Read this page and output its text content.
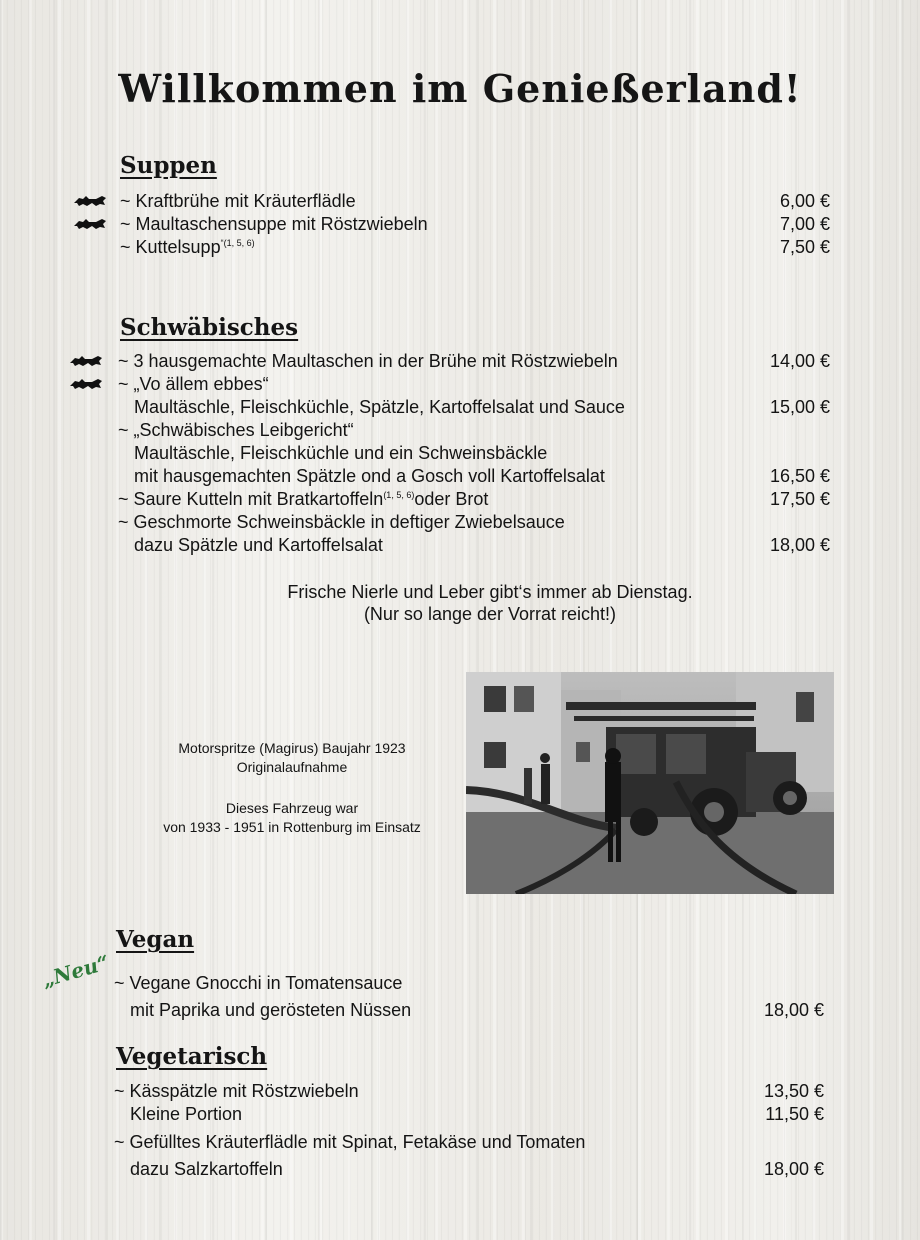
Willkommen im Genießerland!
Suppen
~ Kraftbrühe mit Kräuterflädle	6,00 €
~ Maultaschensuppe mit Röstzwiebeln	7,00 €
~ Kuttelsupp$^{“(1, 5, 6)}$	7,50 €
Schwäbisches
~ 3 hausgemachte Maultaschen in der Brühe mit Röstzwiebeln	14,00 €
~ „Vo ällem ebbes“
Maultäschle, Fleischküchle, Spätzle, Kartoffelsalat und Sauce	15,00 €
~ „Schwäbisches Leibgericht“
Maultäschle, Fleischküchle und ein Schweinsbäckle
mit hausgemachten Spätzle ond a Gosch voll Kartoffelsalat	16,50 €
~ Saure Kutteln mit Bratkartoffeln$^{(1, 5, 6)}$oder Brot	17,50 €
~ Geschmorte Schweinsbäckle in deftiger Zwiebelsauce
dazu Spätzle und Kartoffelsalat	18,00 €
Frische Nierle und Leber gibt‘s immer ab Dienstag.
(Nur so lange der Vorrat reicht!)
Motorspritze (Magirus) Baujahr 1923
Originalaufnahme
Dieses Fahrzeug war
von 1933 - 1951 in Rottenburg im Einsatz
Vegan
„Neu“ ~ Vegane Gnocchi in Tomatensauce
mit Paprika und gerösteten Nüssen	18,00 €
Vegetarisch
~ Kässpätzle mit Röstzwiebeln	13,50 €
Kleine Portion	11,50 €
~ Gefülltes Kräuterflädle mit Spinat, Fetakäse und Tomaten
dazu Salzkartoffeln	18,00 €
